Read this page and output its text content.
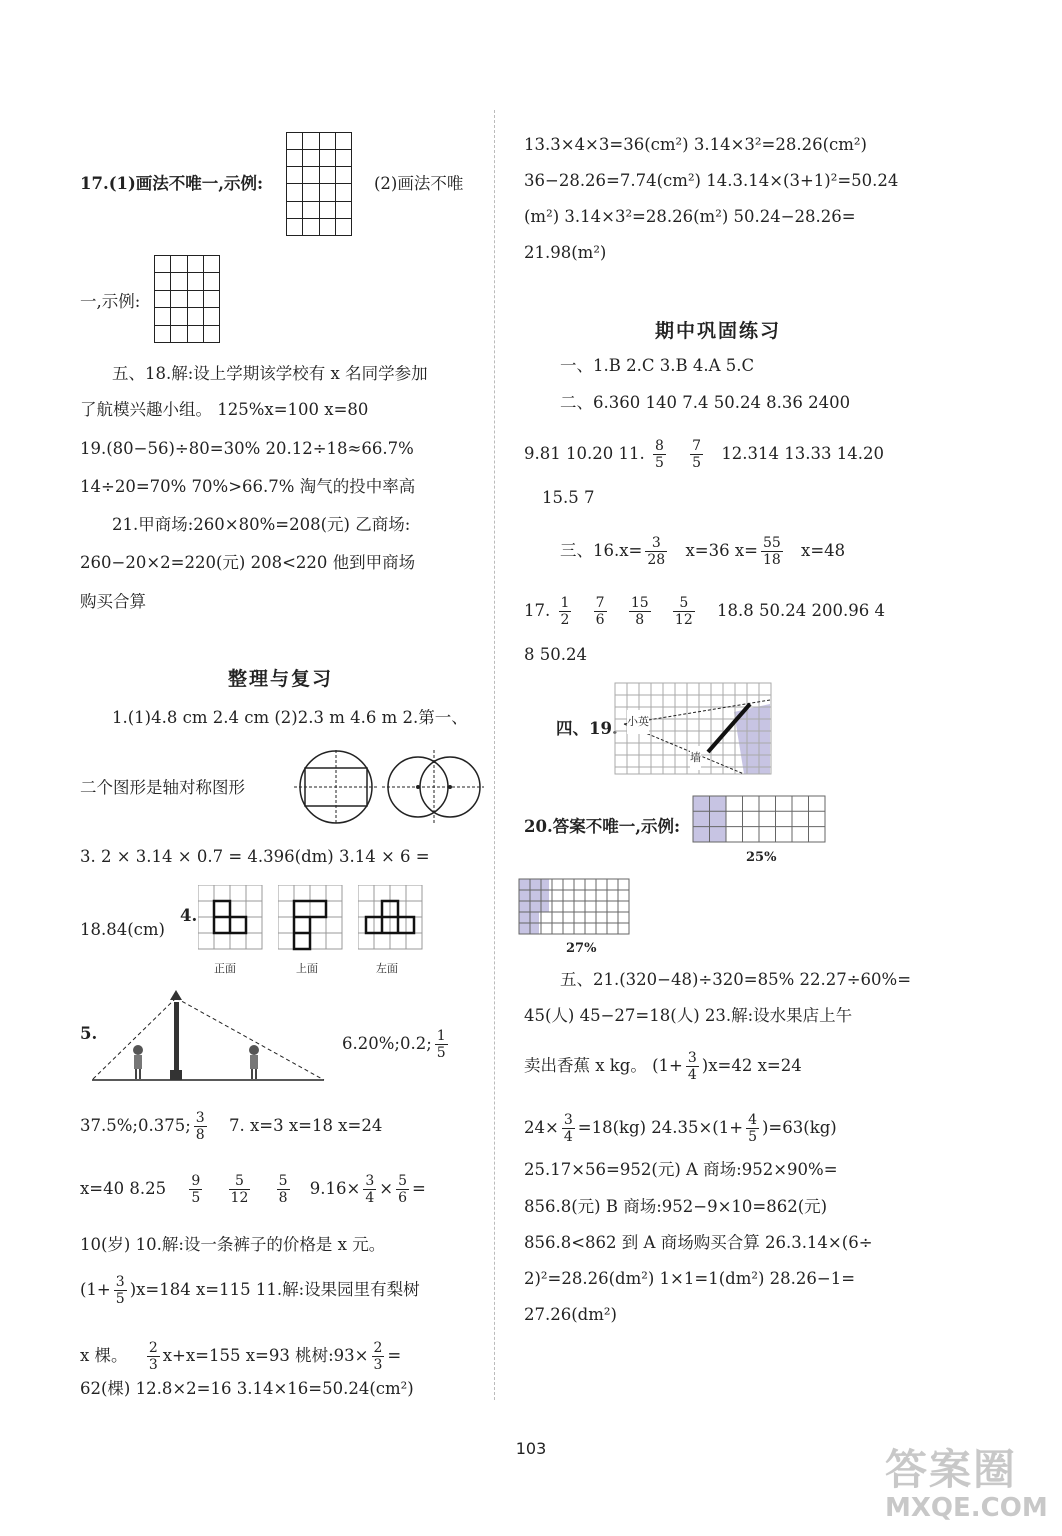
17.(1)画法不唯一,示例:

				(2)画法不唯
一,示例:

五、18.解:设上学期该学校有 x 名同学参加
了航模兴趣小组。 125%x=100 x=80
19.(80−56)÷80=30% 20.12÷18≈66.7%
14÷20=70% 70%>66.7% 淘气的投中率高
21.甲商场:260×80%=208(元) 乙商场:
260−20×2=220(元) 208<220 他到甲商场
购买合算
整理与复习
1.(1)4.8 cm 2.4 cm (2)2.3 m 4.6 m 2.第一、
二个图形是轴对称图形
3. 2 × 3.14 × 0.7 = 4.396(dm) 3.14 × 6 =
18.84(cm)
4.
正面	上面	左面
5.
6.20%;0.2; $\frac{1}{5}$
37.5%;0.375; $\frac{3}{8} 7$. x=3 x=18 x=24
x=40 $8.25 \frac{9}{5}$
$\frac{5}{12}$
$\frac{5}{8} 9.16\times \frac{3}{4} \times \frac{5}{6}$ =
10(岁) 10.解:设一条裤子的价格是 x 元。
$(1+ \frac{3}{5} )x=184$ x=115 11.解:设果园里有梨树
x 棵。 $\frac{2}{3} x+x=155$ x=93 桃树:93× $\frac{2}{3}$ =
62(棵) 12.8×2=16 3.14×16=50.24(cm²)
13.3×4×3=36(cm²) 3.14×3²=28.26(cm²)
36−28.26=7.74(cm²) 14.3.14×(3+1)²=50.24
(m²) 3.14×3²=28.26(m²) 50.24−28.26=
21.98(m²)
期中巩固练习
一、1.B 2.C 3.B 4.A 5.C
二、6.360 140 7.4 50.24 8.36 2400
9.81 10.20 11. $\frac{8}{5}$
$\frac{7}{5} 12.314$ 13.33 14.20
15.5 7
三、$16.x= \frac{3}{28} x=36$ $x= \frac{55}{18} x=48$
17. $\frac{1}{2}$
$\frac{7}{6}$
$\frac{15}{8}$
$\frac{5}{12} 18.8$ 50.24 200.96 4
8 50.24
四、19. 小英
墙
20.答案不唯一,示例:
25%
27%
五、21.(320−48)÷320=85% 22.27÷60%=
45(人) 45−27=18(人) 23.解:设水果店上午
卖出香蕉 x kg。 $(1+ \frac{3}{4} )x=42$ x=24
$24\times \frac{3}{4} =18(kg)$ $24.35\times(1+ \frac{4}{5} )=63(kg)$
25.17×56=952(元) A 商场:952×90%=
856.8(元) B 商场:952−9×10=862(元)
856.8<862 到 A 商场购买合算 26.3.14×(6÷
2)²=28.26(dm²) 1×1=1(dm²) 28.26−1=
27.26(dm²)
103	答案圈
MXQE.COM
